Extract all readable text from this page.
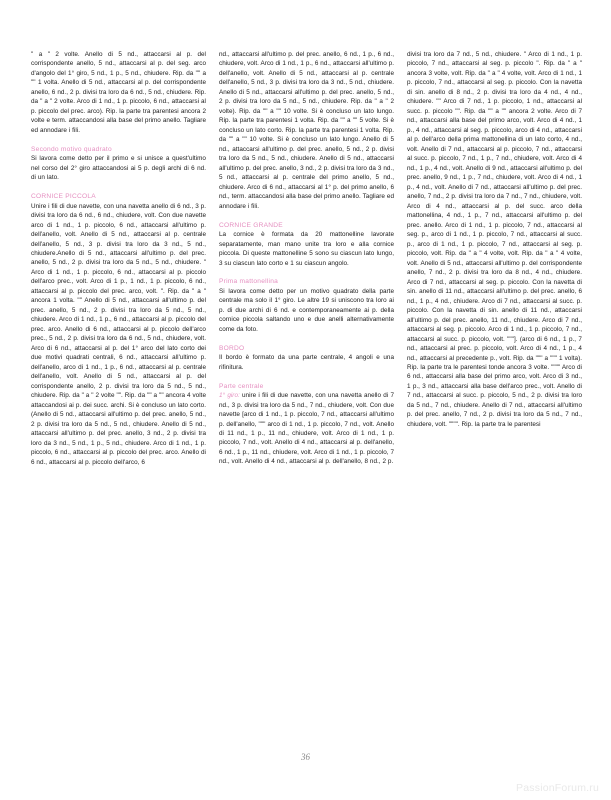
" a " 2 volte. Anello di 5 nd., attaccarsi al p. del corrispondente anello, 5 nd., attaccarsi al p. del seg. arco d'angolo del 1° giro, 5 nd., 1 p., 5 nd., chiudere. Rip. da "" a "" 1 volta. Anello di 5 nd., attaccarsi al p. del corrispondente anello, 6 nd., 2 p. divisi tra loro da 6 nd., 5 nd., chiudere. Rip. da " a " 2 volte. Arco di 1 nd., 1 p. piccolo, 6 nd., attaccarsi al p. piccolo del prec. arco). Rip. la parte tra parentesi ancora 2 volte e term. attaccandosi alla base del primo anello. Tagliare ed annodare i fili.

Secondo motivo quadrato

Si lavora come detto per il primo e si unisce a quest'ultimo nel corso del 2° giro attaccandosi ai 5 p. degli archi di 6 nd. di un lato.

CORNICE PICCOLA

Unire i fili di due navette, con una navetta anello di 6 nd., 3 p. divisi tra loro da 6 nd., 6 nd., chiudere, volt. Con due navette arco di 1 nd., 1 p. piccolo, 6 nd., attaccarsi all'ultimo p. dell'anello, volt. Anello di 5 nd., attaccarsi al p. centrale dell'anello, 5 nd., 3 p. divisi tra loro da 3 nd., 5 nd., chiudere.Anello di 5 nd., attaccarsi all'ultimo p. del prec. anello, 5 nd., 2 p. divisi tra loro da 5 nd., 5 nd., chiudere. " Arco di 1 nd., 1 p. piccolo, 6 nd., attaccarsi al p. piccolo dell'arco prec., volt. Arco di 1 p., 1 nd., 1 p. piccolo, 6 nd., attaccarsi al p. piccolo del prec. arco, volt. ". Rip. da " a " ancora 1 volta. "" Anello di 5 nd., attaccarsi all'ultimo p. del prec. anello, 5 nd., 2 p. divisi tra loro da 5 nd., 5 nd., chiudere. Arco di 1 nd., 1 p., 6 nd., attaccarsi al p. piccolo del prec. arco. Anello di 6 nd., attaccarsi al p. piccolo dell'arco prec., 5 nd., 2 p. divisi tra loro da 6 nd., 5 nd., chiudere, volt. Arco di 6 nd., attaccarsi al p. del 1° arco del lato corto dei due motivi quadrati centrali, 6 nd., attaccarsi all'ultimo p. dell'anello, arco di 1 nd., 1 p., 6 nd., attaccarsi al p. centrale dell'anello, volt. Anello di 5 nd., attaccarsi al p. del corrispondente anello, 2 p. divisi tra loro da 5 nd., 5 nd., chiudere. Rip. da " a " 2 volte "". Rip. da "" a "" ancora 4 volte attaccandosi ai p. dei succ. archi. Si è concluso un lato corto. (Anello di 5 nd., attaccarsi all'ultimo p. del prec. anello, 5 nd., 2 p. divisi tra loro da 5 nd., 5 nd., chiudere. Anello di 5 nd., attaccarsi all'ultimo p. del prec. anello, 3 nd., 2 p. divisi tra loro da 3 nd., 5 nd., 1 p., 5 nd., chiudere. Arco di 1 nd., 1 p. piccolo, 6 nd., attaccarsi al p. piccolo del prec. arco. Anello di 6 nd., attaccarsi al p. piccolo dell'arco, 6

nd., attaccarsi all'ultimo p. del prec. anello, 6 nd., 1 p., 6 nd., chiudere, volt. Arco di 1 nd., 1 p., 6 nd., attaccarsi all'ultimo p. dell'anello, volt. Anello di 5 nd., attaccarsi al p. centrale dell'anello, 5 nd., 3 p. divisi tra loro da 3 nd., 5 nd., chiudere. Anello di 5 nd., attaccarsi all'ultimo p. del prec. anello, 5 nd., 2 p. divisi tra loro da 5 nd., 5 nd., chiudere. Rip. da " a " 2 volte). Rip. da "" a "" 10 volte. Si è concluso un lato lungo. Rip. la parte tra parentesi 1 volta. Rip. da "" a "" 5 volte. Si è concluso un lato corto. Rip. la parte tra parentesi 1 volta. Rip. da "" a "" 10 volte. Si è concluso un lato lungo. Anello di 5 nd., attaccarsi all'ultimo p. del prec. anello, 5 nd., 2 p. divisi tra loro da 5 nd., 5 nd., chiudere. Anello di 5 nd., attaccarsi all'ultimo p. del prec. anello, 3 nd., 2 p. divisi tra loro da 3 nd., 5 nd., attaccarsi al p. centrale del primo anello, 5 nd., chiudere. Arco di 6 nd., attaccarsi al 1° p. del primo anello, 6 nd., term. attaccandosi alla base del primo anello. Tagliare ed annodare i fili.

CORNICE GRANDE

La cornice è formata da 20 mattonelline lavorate separatamente, man mano unite tra loro e alla cornice piccola. Di queste mattonelline 5 sono su ciascun lato lungo, 3 su ciascun lato corto e 1 su ciascun angolo.

Prima mattonellina

Si lavora come detto per un motivo quadrato della parte centrale ma solo il 1° giro. Le altre 19 si uniscono tra loro ai p. di due archi di 6 nd. e contemporaneamente ai p. della cornice piccola saltando uno e due anelli alternativamente come da foto.

BORDO

Il bordo è formato da una parte centrale, 4 angoli e una rifinitura.

Parte centrale

1° giro: unire i fili di due navette, con una navetta anello di 7 nd., 3 p. divisi tra loro da 5 nd., 7 nd., chiudere, volt. Con due navette [arco di 1 nd., 1 p. piccolo, 7 nd., attaccarsi all'ultimo p. dell'anello, """ arco di 1 nd., 1 p. piccolo, 7 nd., volt. Anello di 11 nd., 1 p., 11 nd., chiudere, volt. Arco di 1 nd., 1 p. piccolo, 7 nd., volt. Anello di 4 nd., attaccarsi al p. dell'anello, 6 nd., 1 p., 11 nd., chiudere, volt. Arco di 1 nd., 1 p. piccolo, 7 nd., volt. Anello di 4 nd., attaccarsi al p. dell'anello, 8 nd., 2 p.

divisi tra loro da 7 nd., 5 nd., chiudere. " Arco di 1 nd., 1 p. piccolo, 7 nd., attaccarsi al seg. p. piccolo ". Rip. da " a " ancora 3 volte, volt. Rip. da " a " 4 volte, volt. Arco di 1 nd., 1 p. piccolo, 7 nd., attaccarsi al seg. p. piccolo. Con la navetta di sin. anello di 8 nd., 2 p. divisi tra loro da 4 nd., 4 nd., chiudere. "" Arco di 7 nd., 1 p. piccolo, 1 nd., attaccarsi al succ. p. piccolo "". Rip. da "" a "" ancora 2 volte. Arco di 7 nd., attaccarsi alla base del primo arco, volt. Arco di 4 nd., 1 p., 4 nd., attaccarsi al seg. p. piccolo, arco di 4 nd., attaccarsi al p. dell'arco della prima mattonellina di un lato corto, 4 nd., volt. Anello di 7 nd., attaccarsi al p. piccolo, 7 nd., attaccarsi al succ. p. piccolo, 7 nd., 1 p., 7 nd., chiudere, volt. Arco di 4 nd., 1 p., 4 nd., volt. Anello di 9 nd., attaccarsi all'ultimo p. del prec. anello, 9 nd., 1 p., 7 nd., chiudere, volt. Arco di 4 nd., 1 p., 4 nd., volt. Anello di 7 nd., attaccarsi all'ultimo p. del prec. anello, 7 nd., 2 p. divisi tra loro da 7 nd., 7 nd., chiudere, volt. Arco di 4 nd., attaccarsi al p. del succ. arco della mattonellina, 4 nd., 1 p., 7 nd., attaccarsi all'ultimo p. del prec. anello. Arco di 1 nd., 1 p. piccolo, 7 nd., attaccarsi al seg. p., arco di 1 nd., 1 p. piccolo, 7 nd., attaccarsi al succ. p., arco di 1 nd., 1 p. piccolo, 7 nd., attaccarsi al seg. p. piccolo, volt. Rip. da " a " 4 volte, volt. Rip. da " a " 4 volte, volt. Anello di 5 nd., attaccarsi all'ultimo p. del corrispondente anello, 7 nd., 2 p. divisi tra loro da 8 nd., 4 nd., chiudere. Arco di 7 nd., attaccarsi al seg. p. piccolo. Con la navetta di sin. anello di 11 nd., attaccarsi all'ultimo p. del prec. anello, 6 nd., 1 p., 4 nd., chiudere. Arco di 7 nd., attaccarsi al succ. p. piccolo. Con la navetta di sin. anello di 11 nd., attaccarsi all'ultimo p. del prec. anello, 11 nd., chiudere. Arco di 7 nd., attaccarsi al seg. p. piccolo. Arco di 1 nd., 1 p. piccolo, 7 nd., attaccarsi al succ. p. piccolo, volt. """]. (arco di 6 nd., 1 p., 7 nd., attaccarsi al prec. p. piccolo, volt. Arco di 4 nd., 1 p., 4 nd., attaccarsi al precedente p., volt. Rip. da """ a """ 1 volta). Rip. la parte tra le parentesi tonde ancora 3 volte. """" Arco di 6 nd., attaccarsi alla base del primo arco, volt. Arco di 3 nd., 1 p., 3 nd., attaccarsi alla base dell'arco prec., volt. Anello di 7 nd., attaccarsi al succ. p. piccolo, 5 nd., 2 p. divisi tra loro da 5 nd., 7 nd., chiudere. Anello di 7 nd., attaccarsi all'ultimo p. del prec. anello, 7 nd., 2 p. divisi tra loro da 5 nd., 7 nd., chiudere, volt. """". Rip. la parte tra le parentesi

36
PassionForum.ru
